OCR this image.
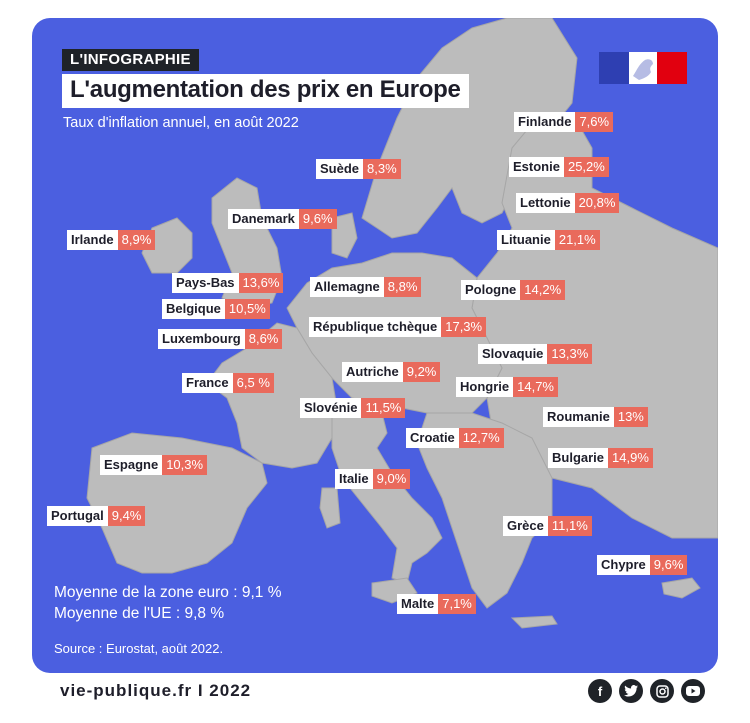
L'INFOGRAPHIE
L'augmentation des prix en Europe
Taux d'inflation annuel, en août 2022	Finlande 7,6%
Suède 8,3%	Estonie 25,2%
Lettonie 20,8%
Danemark 9,6%
Irlande 8,9%	Lituanie 21,1%
Pays-Bas 13,6%	Allemagne 8,8%	Pologne 14,2%
Belgique 10,5%
République tchèque 17,3%
Luxembourg 8,6%
Slovaquie 13,3%
Autriche 9,2%
France 6,5 %	Hongrie 14,7%
Slovénie 11,5%
Roumanie 13%
Croatie 12,7%
Bulgarie 14,9%
Espagne 10,3%
Italie 9,0%
Portugal 9,4%
Grèce 11,1%
Chypre 9,6%
Malte 7,1%
Moyenne de la zone euro : 9,1 %
Moyenne de l'UE : 9,8 %
Source : Eurostat, août 2022.
vie-publique.fr I 2022	f
